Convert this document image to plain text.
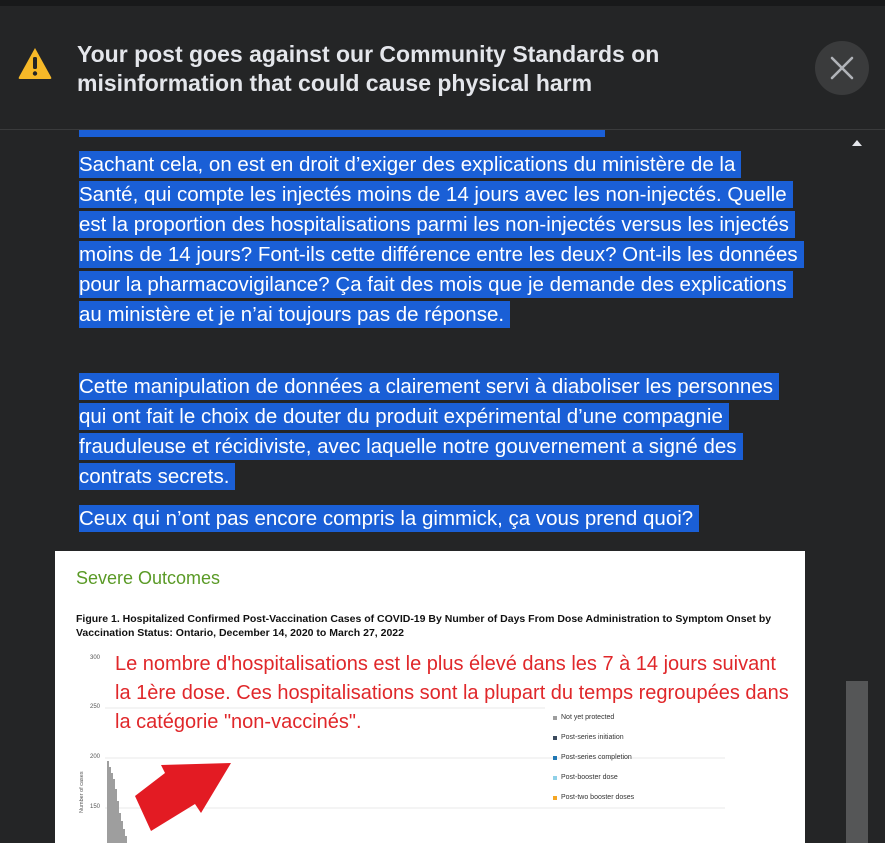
Your post goes against our Community Standards on misinformation that could cause physical harm
Sachant cela, on est en droit d’exiger des explications du ministère de la Santé, qui compte les injectés moins de 14 jours avec les non-injectés. Quelle est la proportion des hospitalisations parmi les non-injectés versus les injectés moins de 14 jours? Font-ils cette différence entre les deux? Ont-ils les données pour la pharmacovigilance? Ça fait des mois que je demande des explications au ministère et je n’ai toujours pas de réponse.
Cette manipulation de données a clairement servi à diaboliser les personnes qui ont fait le choix de douter du produit expérimental d’une compagnie frauduleuse et récidiviste, avec laquelle notre gouvernement a signé des contrats secrets.
Ceux qui n’ont pas encore compris la gimmick, ça vous prend quoi?
Severe Outcomes
Figure 1. Hospitalized Confirmed Post-Vaccination Cases of COVID-19 By Number of Days From Dose Administration to Symptom Onset by Vaccination Status: Ontario, December 14, 2020 to March 27, 2022
300
250
200
150
Number of cases
Le nombre d'hospitalisations est le plus élevé dans les 7 à 14 jours suivant la 1ère dose. Ces hospitalisations sont la plupart du temps regroupées dans la catégorie "non-vaccinés".	Not yet protected
Post-series initiation
Post-series completion
Post-booster dose
Post-two booster doses
